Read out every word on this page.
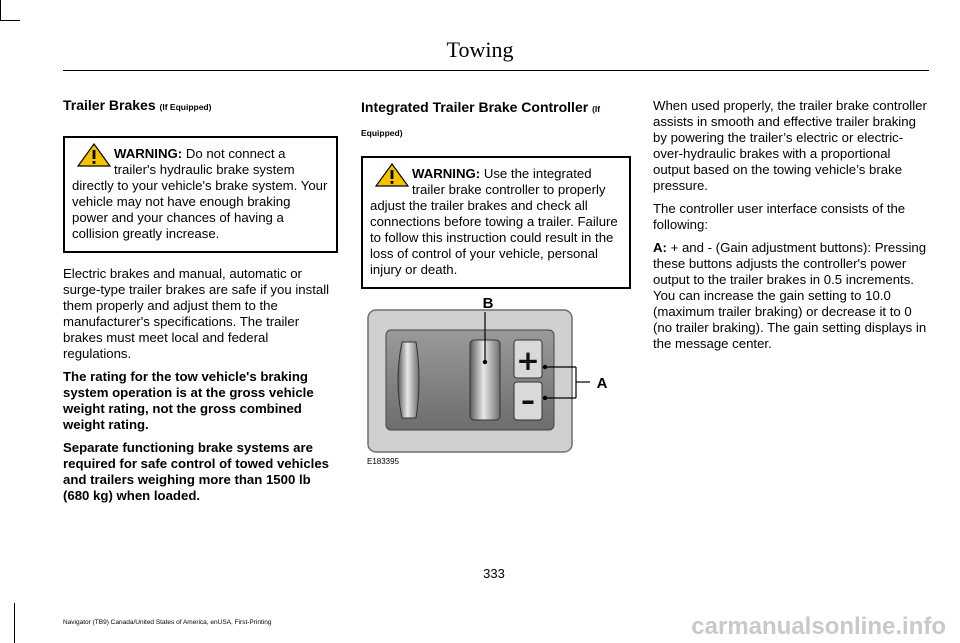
Towing
Trailer Brakes (If Equipped)
WARNING: Do not connect a trailer's hydraulic brake system directly to your vehicle's brake system. Your vehicle may not have enough braking power and your chances of having a collision greatly increase.

Electric brakes and manual, automatic or surge-type trailer brakes are safe if you install them properly and adjust them to the manufacturer's specifications. The trailer brakes must meet local and federal regulations.

The rating for the tow vehicle's braking system operation is at the gross vehicle weight rating, not the gross combined weight rating.

Separate functioning brake systems are required for safe control of towed vehicles and trailers weighing more than 1500 lb (680 kg) when loaded.

Integrated Trailer Brake Controller (If Equipped)
WARNING: Use the integrated trailer brake controller to properly adjust the trailer brakes and check all connections before towing a trailer. Failure to follow this instruction could result in the loss of control of your vehicle, personal injury or death.
+
–
B
A
E183395

When used properly, the trailer brake controller assists in smooth and effective trailer braking by powering the trailer’s electric or electric-over-hydraulic brakes with a proportional output based on the towing vehicle’s brake pressure.

The controller user interface consists of the following:

A: + and - (Gain adjustment buttons): Pressing these buttons adjusts the controller's power output to the trailer brakes in 0.5 increments. You can increase the gain setting to 10.0 (maximum trailer braking) or decrease it to 0 (no trailer braking). The gain setting displays in the message center.

333
Navigator (TB9) Canada/United States of America, enUSA, First-Printing	carmanualsonline.info
